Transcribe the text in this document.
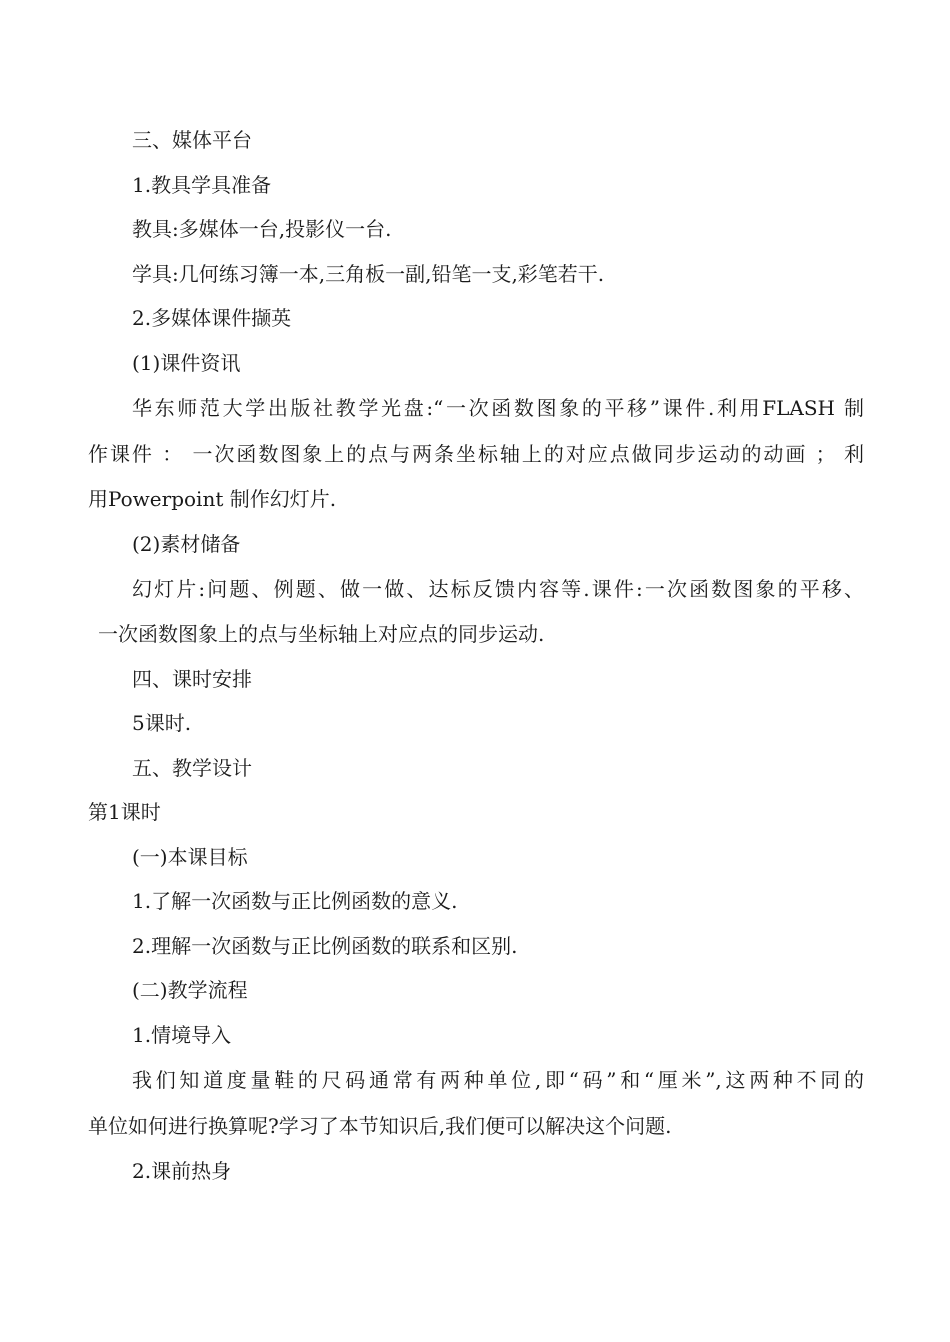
三、媒体平台
1.教具学具准备
教具:多媒体一台,投影仪一台.
学具:几何练习簿一本,三角板一副,铅笔一支,彩笔若干.
2.多媒体课件撷英
(1)课件资讯
华东师范大学出版社教学光盘:“一次函数图象的平移”课件.利用FLASH 制
作课件 ： 一次函数图象上的点与两条坐标轴上的对应点做同步运动的动画 ； 利
用Powerpoint 制作幻灯片.
(2)素材储备
幻灯片:问题、例题、做一做、达标反馈内容等.课件:一次函数图象的平移、
一次函数图象上的点与坐标轴上对应点的同步运动.
四、课时安排
5课时.
五、教学设计
第1课时
(一)本课目标
1.了解一次函数与正比例函数的意义.
2.理解一次函数与正比例函数的联系和区别.
(二)教学流程
1.情境导入
我们知道度量鞋的尺码通常有两种单位,即“码”和“厘米”,这两种不同的
单位如何进行换算呢?学习了本节知识后,我们便可以解决这个问题.
2.课前热身
